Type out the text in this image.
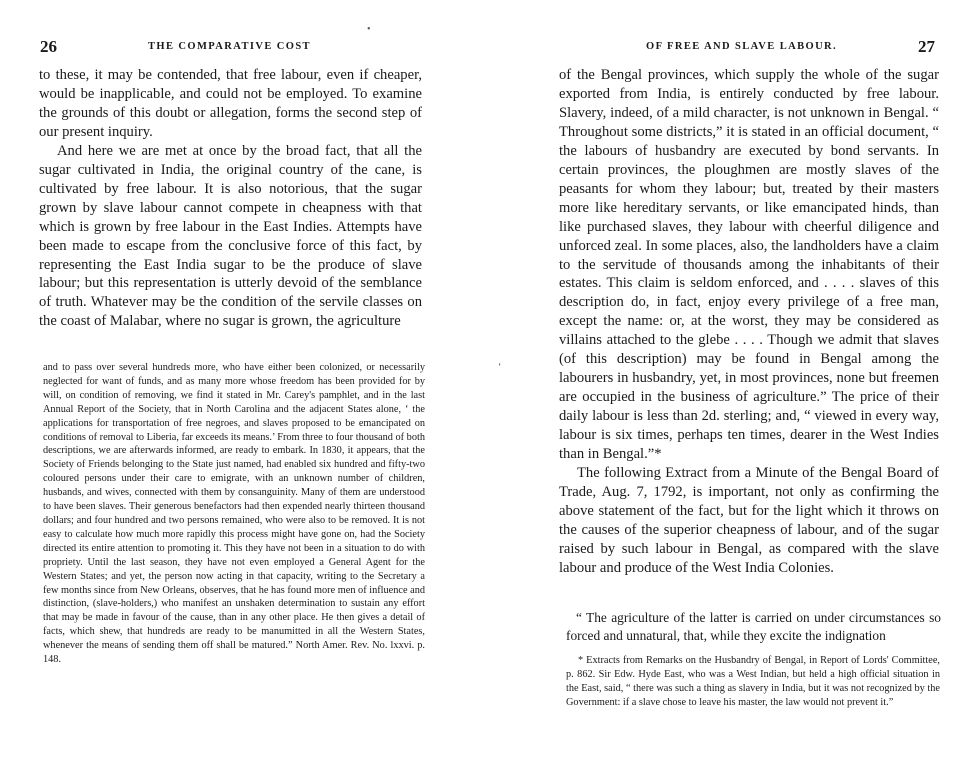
•
‘
26	THE COMPARATIVE COST

to these, it may be contended, that free labour, even if cheaper, would be inapplicable, and could not be employed. To examine the grounds of this doubt or allegation, forms the second step of our present inquiry.

And here we are met at once by the broad fact, that all the sugar cultivated in India, the original country of the cane, is cultivated by free labour. It is also notorious, that the sugar grown by slave labour cannot compete in cheapness with that which is grown by free labour in the East Indies. Attempts have been made to escape from the conclusive force of this fact, by representing the East India sugar to be the produce of slave labour; but this representation is utterly devoid of the semblance of truth. Whatever may be the condition of the servile classes on the coast of Malabar, where no sugar is grown, the agriculture

and to pass over several hundreds more, who have either been colonized, or necessarily neglected for want of funds, and as many more whose freedom has been provided for by will, on condition of removing, we find it stated in Mr. Carey's pamphlet, and in the last Annual Report of the Society, that in North Carolina and the adjacent States alone, ‘ the applications for transportation of free negroes, and slaves proposed to be emancipated on conditions of removal to Liberia, far exceeds its means.’ From three to four thousand of both descriptions, we are afterwards informed, are ready to embark. In 1830, it appears, that the Society of Friends belonging to the State just named, had enabled six hundred and fifty-two coloured persons under their care to emigrate, with an unknown number of children, husbands, and wives, connected with them by consanguinity. Many of them are understood to have been slaves. Their generous benefactors had then expended nearly thirteen thousand dollars; and four hundred and two persons remained, who were also to be removed. It is not easy to calculate how much more rapidly this process might have gone on, had the Society directed its entire attention to promoting it. This they have not been in a situation to do with propriety. Until the last season, they have not even employed a General Agent for the Western States; and yet, the person now acting in that capacity, writing to the Secretary a few months since from New Orleans, observes, that he has found more men of influence and distinction, (slave-holders,) who manifest an unshaken determination to sustain any effort that may be made in favour of the cause, than in any other place. He then gives a detail of facts, which shew, that hundreds are ready to be manumitted in all the Western States, whenever the means of sending them off shall be matured.” North Amer. Rev. No. lxxvi. p. 148.

OF FREE AND SLAVE LABOUR.	27

of the Bengal provinces, which supply the whole of the sugar exported from India, is entirely conducted by free labour. Slavery, indeed, of a mild character, is not unknown in Bengal. “ Throughout some districts,” it is stated in an official document, “ the labours of husbandry are executed by bond servants. In certain provinces, the ploughmen are mostly slaves of the peasants for whom they labour; but, treated by their masters more like hereditary servants, or like emancipated hinds, than like purchased slaves, they labour with cheerful diligence and unforced zeal. In some places, also, the landholders have a claim to the servitude of thousands among the inhabitants of their estates. This claim is seldom enforced, and . . . . slaves of this description do, in fact, enjoy every privilege of a free man, except the name: or, at the worst, they may be considered as villains attached to the glebe . . . . Though we admit that slaves (of this description) may be found in Bengal among the labourers in husbandry, yet, in most provinces, none but freemen are occupied in the business of agriculture.” The price of their daily labour is less than 2d. sterling; and, “ viewed in every way, labour is six times, perhaps ten times, dearer in the West Indies than in Bengal.”*

The following Extract from a Minute of the Bengal Board of Trade, Aug. 7, 1792, is important, not only as confirming the above statement of the fact, but for the light which it throws on the causes of the superior cheapness of labour, and of the sugar raised by such labour in Bengal, as compared with the slave labour and produce of the West India Colonies.

“ The agriculture of the latter is carried on under circumstances so forced and unnatural, that, while they excite the indignation

* Extracts from Remarks on the Husbandry of Bengal, in Report of Lords' Committee, p. 862. Sir Edw. Hyde East, who was a West Indian, but held a high official situation in the East, said, “ there was such a thing as slavery in India, but it was not recognized by the Government: if a slave chose to leave his master, the law would not prevent it.”
